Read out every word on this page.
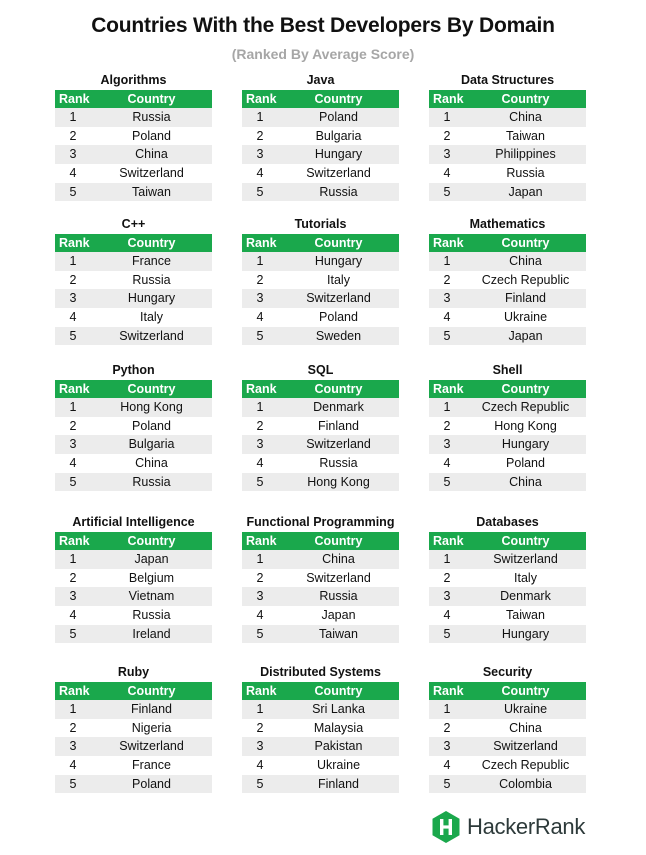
Countries With the Best Developers By Domain
(Ranked By Average Score)
Algorithms
Rank	Country
1	Russia
2	Poland
3	China
4	Switzerland
5	Taiwan
Java
Rank	Country
1	Poland
2	Bulgaria
3	Hungary
4	Switzerland
5	Russia
Data Structures
Rank	Country
1	China
2	Taiwan
3	Philippines
4	Russia
5	Japan
C++
Rank	Country
1	France
2	Russia
3	Hungary
4	Italy
5	Switzerland
Tutorials
Rank	Country
1	Hungary
2	Italy
3	Switzerland
4	Poland
5	Sweden
Mathematics
Rank	Country
1	China
2	Czech Republic
3	Finland
4	Ukraine
5	Japan
Python
Rank	Country
1	Hong Kong
2	Poland
3	Bulgaria
4	China
5	Russia
SQL
Rank	Country
1	Denmark
2	Finland
3	Switzerland
4	Russia
5	Hong Kong
Shell
Rank	Country
1	Czech Republic
2	Hong Kong
3	Hungary
4	Poland
5	China
Artificial Intelligence
Rank	Country
1	Japan
2	Belgium
3	Vietnam
4	Russia
5	Ireland
Functional Programming
Rank	Country
1	China
2	Switzerland
3	Russia
4	Japan
5	Taiwan
Databases
Rank	Country
1	Switzerland
2	Italy
3	Denmark
4	Taiwan
5	Hungary
Ruby
Rank	Country
1	Finland
2	Nigeria
3	Switzerland
4	France
5	Poland
Distributed Systems
Rank	Country
1	Sri Lanka
2	Malaysia
3	Pakistan
4	Ukraine
5	Finland
Security
Rank	Country
1	Ukraine
2	China
3	Switzerland
4	Czech Republic
5	Colombia
HackerRank
